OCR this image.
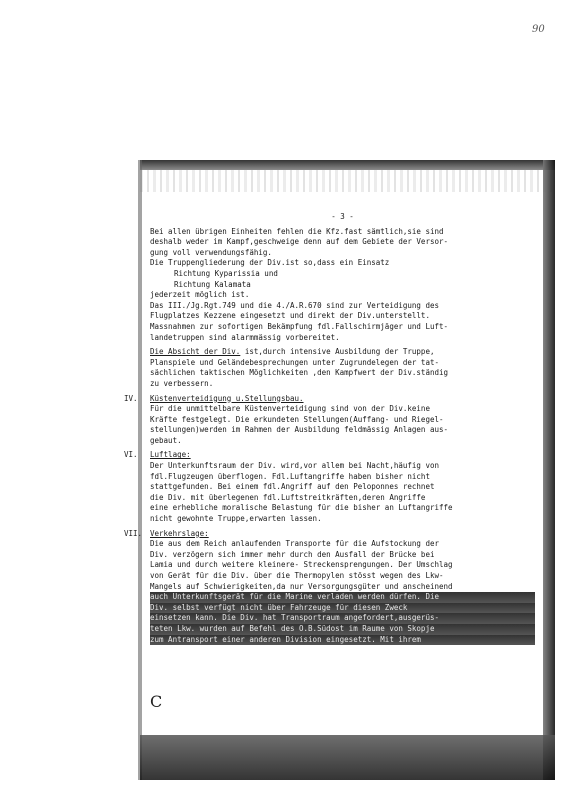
90

- 3 -

Bei allen übrigen Einheiten fehlen die Kfz.fast sämtlich,sie sind

deshalb weder im Kampf,geschweige denn auf dem Gebiete der Versor-

gung voll verwendungsfähig.

Die Truppengliederung der Div.ist so,dass ein Einsatz

Richtung Kyparissia und

Richtung Kalamata

jederzeit möglich ist.

Das III./Jg.Rgt.749 und die 4./A.R.670 sind zur Verteidigung des

Flugplatzes Kezzene eingesetzt und direkt der Div.unterstellt.

Massnahmen zur sofortigen Bekämpfung fdl.Fallschirmjäger und Luft-

landetruppen sind alarmmässig vorbereitet.

Die Absicht der Div. ist,durch intensive Ausbildung der Truppe,

Planspiele und Geländebesprechungen unter Zugrundelegen der tat-

sächlichen taktischen Möglichkeiten ,den Kampfwert der Div.ständig

zu verbessern.

IV. Küstenverteidigung u.Stellungsbau.

Für die unmittelbare Küstenverteidigung sind von der Div.keine

Kräfte festgelegt. Die erkundeten Stellungen(Auffang- und Riegel-

stellungen)werden im Rahmen der Ausbildung feldmässig Anlagen aus-

gebaut.

VI. Luftlage:

Der Unterkunftsraum der Div. wird,vor allem bei Nacht,häufig von

fdl.Flugzeugen überflogen. Fdl.Luftangriffe haben bisher nicht

stattgefunden. Bei einem fdl.Angriff auf den Peloponnes rechnet

die Div. mit überlegenen fdl.Luftstreitkräften,deren Angriffe

eine erhebliche moralische Belastung für die bisher an Luftangriffe

nicht gewohnte Truppe,erwarten lassen.

VII. Verkehrslage:

Die aus dem Reich anlaufenden Transporte für die Aufstockung der

Div. verzögern sich immer mehr durch den Ausfall der Brücke bei

Lamia und durch weitere kleinere- Streckensprengungen. Der Umschlag

von Gerät für die Div. über die Thermopylen stösst wegen des Lkw-

Mangels auf Schwierigkeiten,da nur Versorgungsgüter und anscheinend

auch Unterkunftsgerät für die Marine verladen werden dürfen. Die

Div. selbst verfügt nicht über Fahrzeuge für diesen Zweck

einsetzen kann. Die Div. hat Transportraum angefordert,ausgerüs-

teten Lkw. wurden auf Befehl des O.B.Südost im Raume von Skopje

zum Antransport einer anderen Division eingesetzt. Mit ihrem

C
